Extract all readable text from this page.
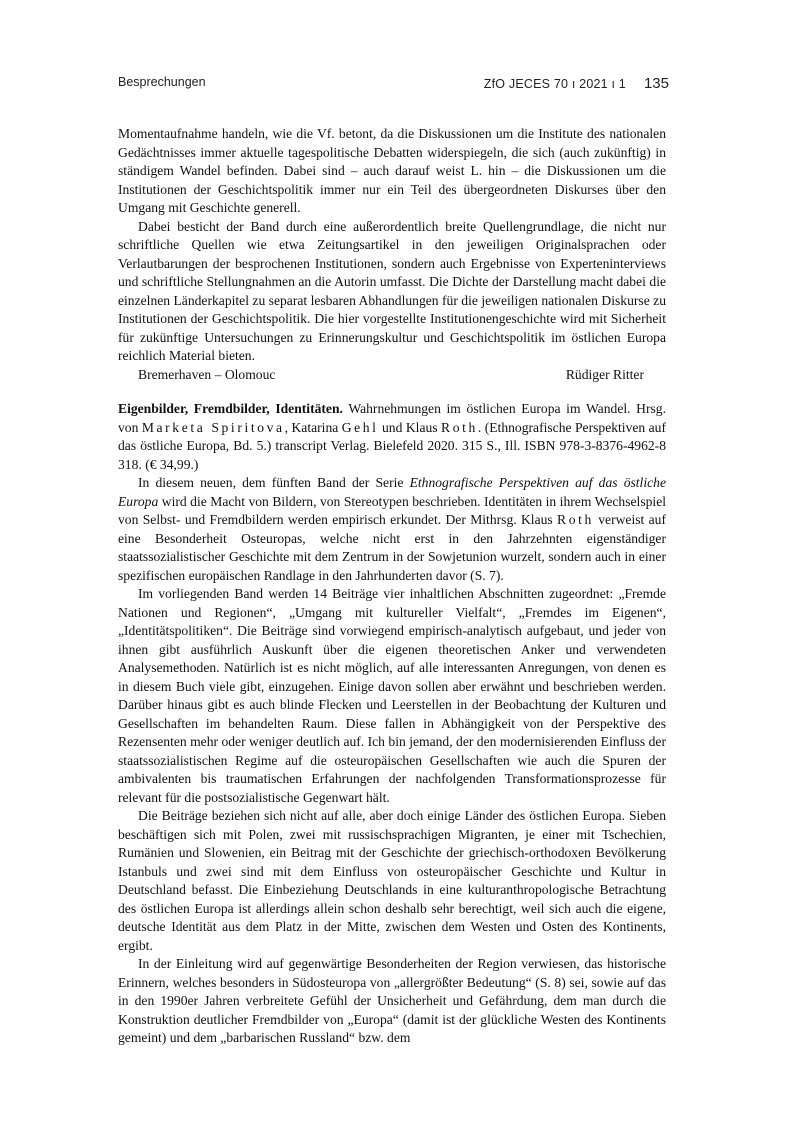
Besprechungen	ZfO JECES 70 ı 2021 ı 1 135

Momentaufnahme handeln, wie die Vf. betont, da die Diskussionen um die Institute des nationalen Gedächtnisses immer aktuelle tagespolitische Debatten widerspiegeln, die sich (auch zukünftig) in ständigem Wandel befinden. Dabei sind – auch darauf weist L. hin – die Diskussionen um die Institutionen der Geschichtspolitik immer nur ein Teil des übergeordneten Diskurses über den Umgang mit Geschichte generell.

Dabei besticht der Band durch eine außerordentlich breite Quellengrundlage, die nicht nur schriftliche Quellen wie etwa Zeitungsartikel in den jeweiligen Originalsprachen oder Verlautbarungen der besprochenen Institutionen, sondern auch Ergebnisse von Experteninterviews und schriftliche Stellungnahmen an die Autorin umfasst. Die Dichte der Darstellung macht dabei die einzelnen Länderkapitel zu separat lesbaren Abhandlungen für die jeweiligen nationalen Diskurse zu Institutionen der Geschichtspolitik. Die hier vorgestellte Institutionengeschichte wird mit Sicherheit für zukünftige Untersuchungen zu Erinnerungskultur und Geschichtspolitik im östlichen Europa reichlich Material bieten.

Bremerhaven – Olomouc	Rüdiger Ritter

Eigenbilder, Fremdbilder, Identitäten. Wahrnehmungen im östlichen Europa im Wandel. Hrsg. von Marketa Spiritova, Katarina Gehl und Klaus Roth. (Ethnografische Perspektiven auf das östliche Europa, Bd. 5.) transcript Verlag. Bielefeld 2020. 315 S., Ill. ISBN 978-3-8376-4962-8 318. (€ 34,99.)

In diesem neuen, dem fünften Band der Serie Ethnografische Perspektiven auf das östliche Europa wird die Macht von Bildern, von Stereotypen beschrieben. Identitäten in ihrem Wechselspiel von Selbst- und Fremdbildern werden empirisch erkundet. Der Mithrsg. Klaus Roth verweist auf eine Besonderheit Osteuropas, welche nicht erst in den Jahrzehnten eigenständiger staatssozialistischer Geschichte mit dem Zentrum in der Sowjetunion wurzelt, sondern auch in einer spezifischen europäischen Randlage in den Jahrhunderten davor (S. 7).

Im vorliegenden Band werden 14 Beiträge vier inhaltlichen Abschnitten zugeordnet: „Fremde Nationen und Regionen“, „Umgang mit kultureller Vielfalt“, „Fremdes im Eigenen“, „Identitätspolitiken“. Die Beiträge sind vorwiegend empirisch-analytisch aufgebaut, und jeder von ihnen gibt ausführlich Auskunft über die eigenen theoretischen Anker und verwendeten Analysemethoden. Natürlich ist es nicht möglich, auf alle interessanten Anregungen, von denen es in diesem Buch viele gibt, einzugehen. Einige davon sollen aber erwähnt und beschrieben werden. Darüber hinaus gibt es auch blinde Flecken und Leerstellen in der Beobachtung der Kulturen und Gesellschaften im behandelten Raum. Diese fallen in Abhängigkeit von der Perspektive des Rezensenten mehr oder weniger deutlich auf. Ich bin jemand, der den modernisierenden Einfluss der staatssozialistischen Regime auf die osteuropäischen Gesellschaften wie auch die Spuren der ambivalenten bis traumatischen Erfahrungen der nachfolgenden Transformationsprozesse für relevant für die postsozialistische Gegenwart hält.

Die Beiträge beziehen sich nicht auf alle, aber doch einige Länder des östlichen Europa. Sieben beschäftigen sich mit Polen, zwei mit russischsprachigen Migranten, je einer mit Tschechien, Rumänien und Slowenien, ein Beitrag mit der Geschichte der griechisch-orthodoxen Bevölkerung Istanbuls und zwei sind mit dem Einfluss von osteuropäischer Geschichte und Kultur in Deutschland befasst. Die Einbeziehung Deutschlands in eine kulturanthropologische Betrachtung des östlichen Europa ist allerdings allein schon deshalb sehr berechtigt, weil sich auch die eigene, deutsche Identität aus dem Platz in der Mitte, zwischen dem Westen und Osten des Kontinents, ergibt.

In der Einleitung wird auf gegenwärtige Besonderheiten der Region verwiesen, das historische Erinnern, welches besonders in Südosteuropa von „allergrößter Bedeutung“ (S. 8) sei, sowie auf das in den 1990er Jahren verbreitete Gefühl der Unsicherheit und Gefährdung, dem man durch die Konstruktion deutlicher Fremdbilder von „Europa“ (damit ist der glückliche Westen des Kontinents gemeint) und dem „barbarischen Russland“ bzw. dem
